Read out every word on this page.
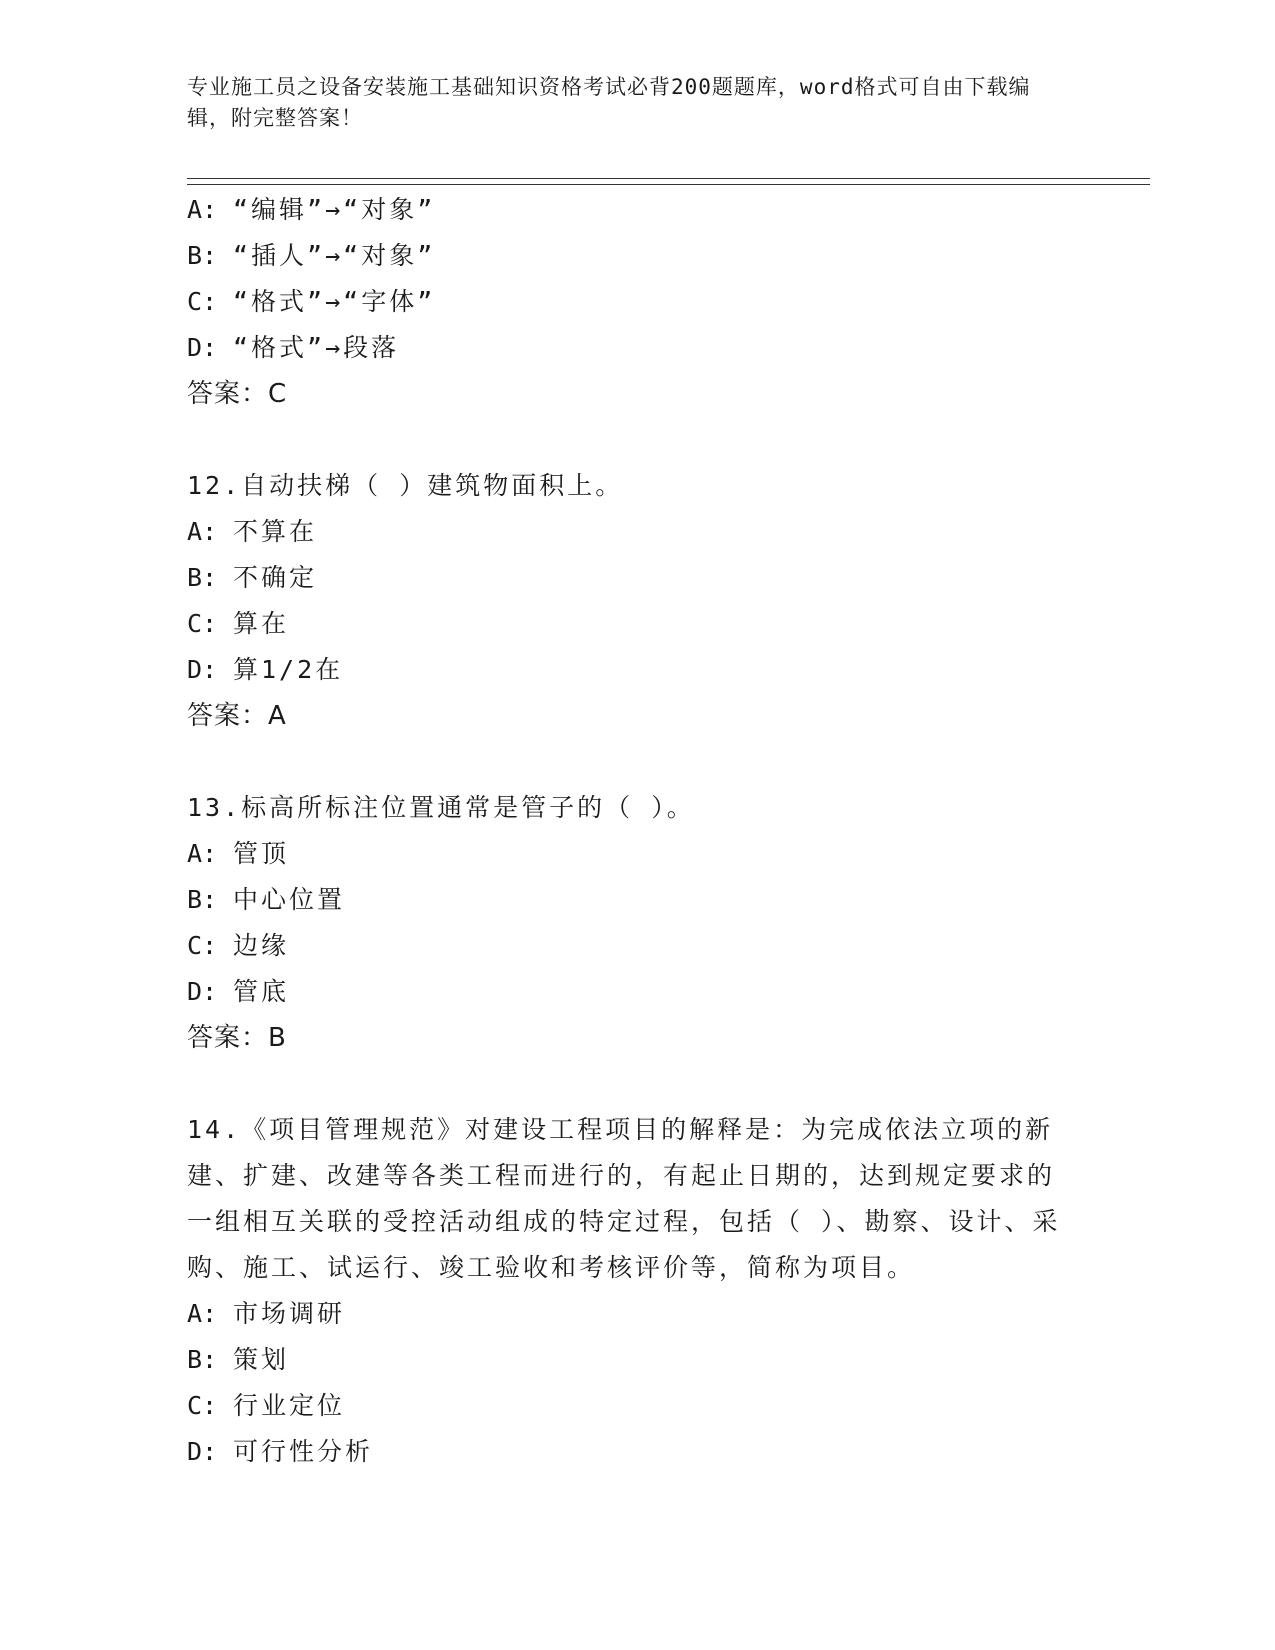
专业施工员之设备安装施工基础知识资格考试必背200题题库，word格式可自由下载编辑，附完整答案！
A: “编辑”→“对象”
B: “插人”→“对象”
C: “格式”→“字体”
D: “格式”→段落
答案：C
12.自动扶梯（ ）建筑物面积上。
A: 不算在
B: 不确定
C: 算在
D: 算1/2在
答案：A
13.标高所标注位置通常是管子的（ ）。
A: 管顶
B: 中心位置
C: 边缘
D: 管底
答案：B
14.《项目管理规范》对建设工程项目的解释是：为完成依法立项的新建、扩建、改建等各类工程而进行的，有起止日期的，达到规定要求的一组相互关联的受控活动组成的特定过程，包括（ ）、勘察、设计、采购、施工、试运行、竣工验收和考核评价等，简称为项目。
A: 市场调研
B: 策划
C: 行业定位
D: 可行性分析
